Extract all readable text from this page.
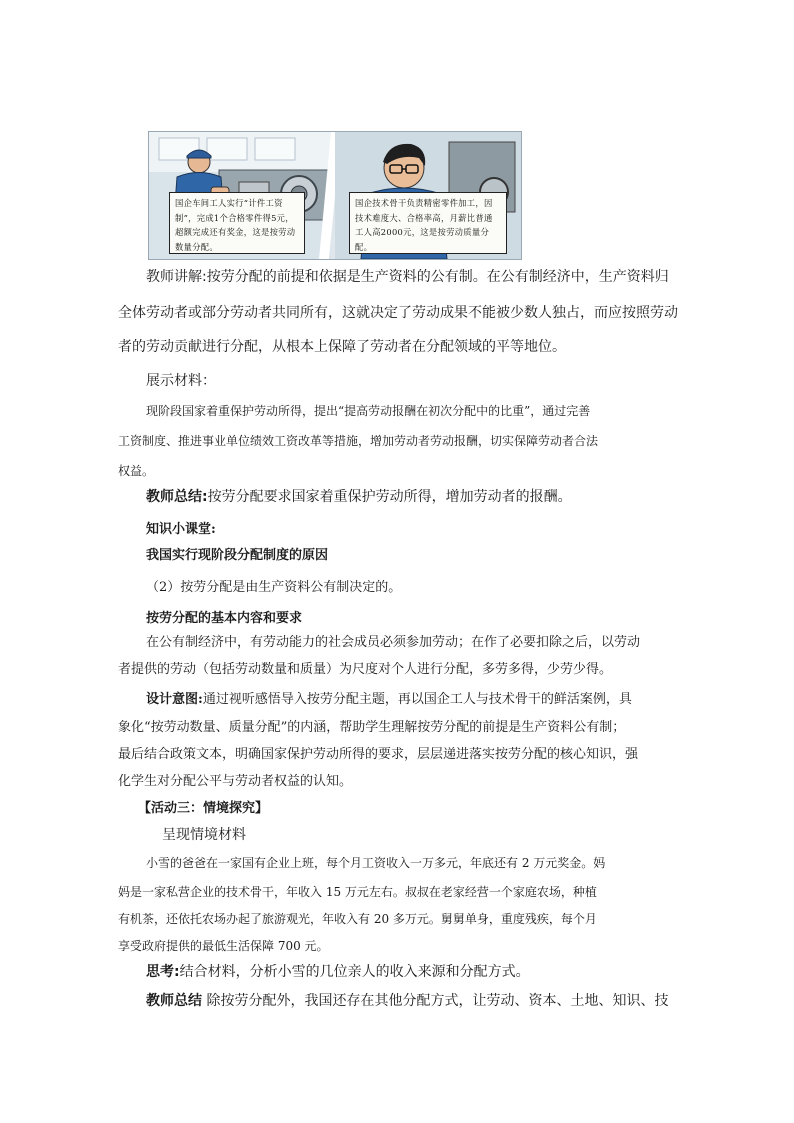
国企车间工人实行“计件工资制”，完成1个合格零件得5元，超额完成还有奖金，这是按劳动数量分配。
国企技术骨干负责精密零件加工，因技术难度大、合格率高，月薪比普通工人高2000元，这是按劳动质量分配。

教师讲解:按劳分配的前提和依据是生产资料的公有制。在公有制经济中，生产资料归

全体劳动者或部分劳动者共同所有，这就决定了劳动成果不能被少数人独占，而应按照劳动

者的劳动贡献进行分配，从根本上保障了劳动者在分配领域的平等地位。

展示材料：

现阶段国家着重保护劳动所得，提出“提高劳动报酬在初次分配中的比重”，通过完善

工资制度、推进事业单位绩效工资改革等措施，增加劳动者劳动报酬，切实保障劳动者合法

权益。

教师总结:按劳分配要求国家着重保护劳动所得，增加劳动者的报酬。

知识小课堂:

我国实行现阶段分配制度的原因

（2）按劳分配是由生产资料公有制决定的。

按劳分配的基本内容和要求

在公有制经济中，有劳动能力的社会成员必须参加劳动；在作了必要扣除之后，以劳动

者提供的劳动（包括劳动数量和质量）为尺度对个人进行分配，多劳多得，少劳少得。

设计意图:通过视听感悟导入按劳分配主题，再以国企工人与技术骨干的鲜活案例，具

象化“按劳动数量、质量分配”的内涵，帮助学生理解按劳分配的前提是生产资料公有制；

最后结合政策文本，明确国家保护劳动所得的要求，层层递进落实按劳分配的核心知识，强

化学生对分配公平与劳动者权益的认知。

【活动三：情境探究】

呈现情境材料

小雪的爸爸在一家国有企业上班，每个月工资收入一万多元，年底还有 2 万元奖金。妈

妈是一家私营企业的技术骨干，年收入 15 万元左右。叔叔在老家经营一个家庭农场，种植

有机茶，还依托农场办起了旅游观光，年收入有 20 多万元。舅舅单身，重度残疾，每个月

享受政府提供的最低生活保障 700 元。

思考:结合材料，分析小雪的几位亲人的收入来源和分配方式。

教师总结 除按劳分配外，我国还存在其他分配方式，让劳动、资本、土地、知识、技
